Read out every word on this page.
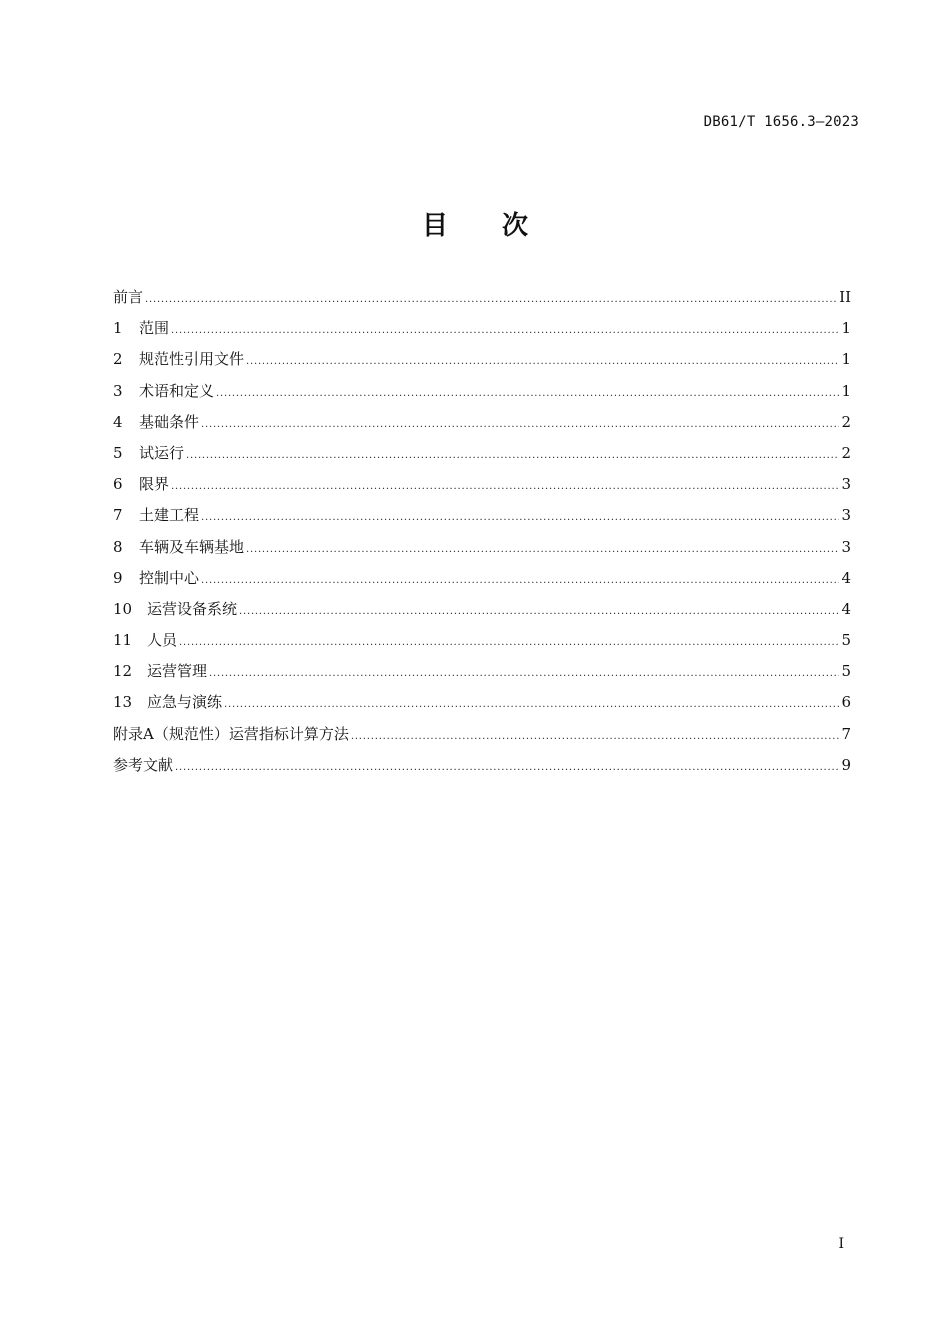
DB61/T 1656.3—2023
目 次
前言 .....	II
1	范围 .....	1
2	规范性引用文件 .....	1
3	术语和定义 .....	1
4	基础条件 .....	2
5	试运行 .....	2
6	限界 .....	3
7	土建工程 .....	3
8	车辆及车辆基地 .....	3
9	控制中心 .....	4
10 运营设备系统 .....	4
11 人员 .....	5
12 运营管理 .....	5
13 应急与演练 .....	6
附录A（规范性）运营指标计算方法 .....	7
参考文献 .....	9
I
